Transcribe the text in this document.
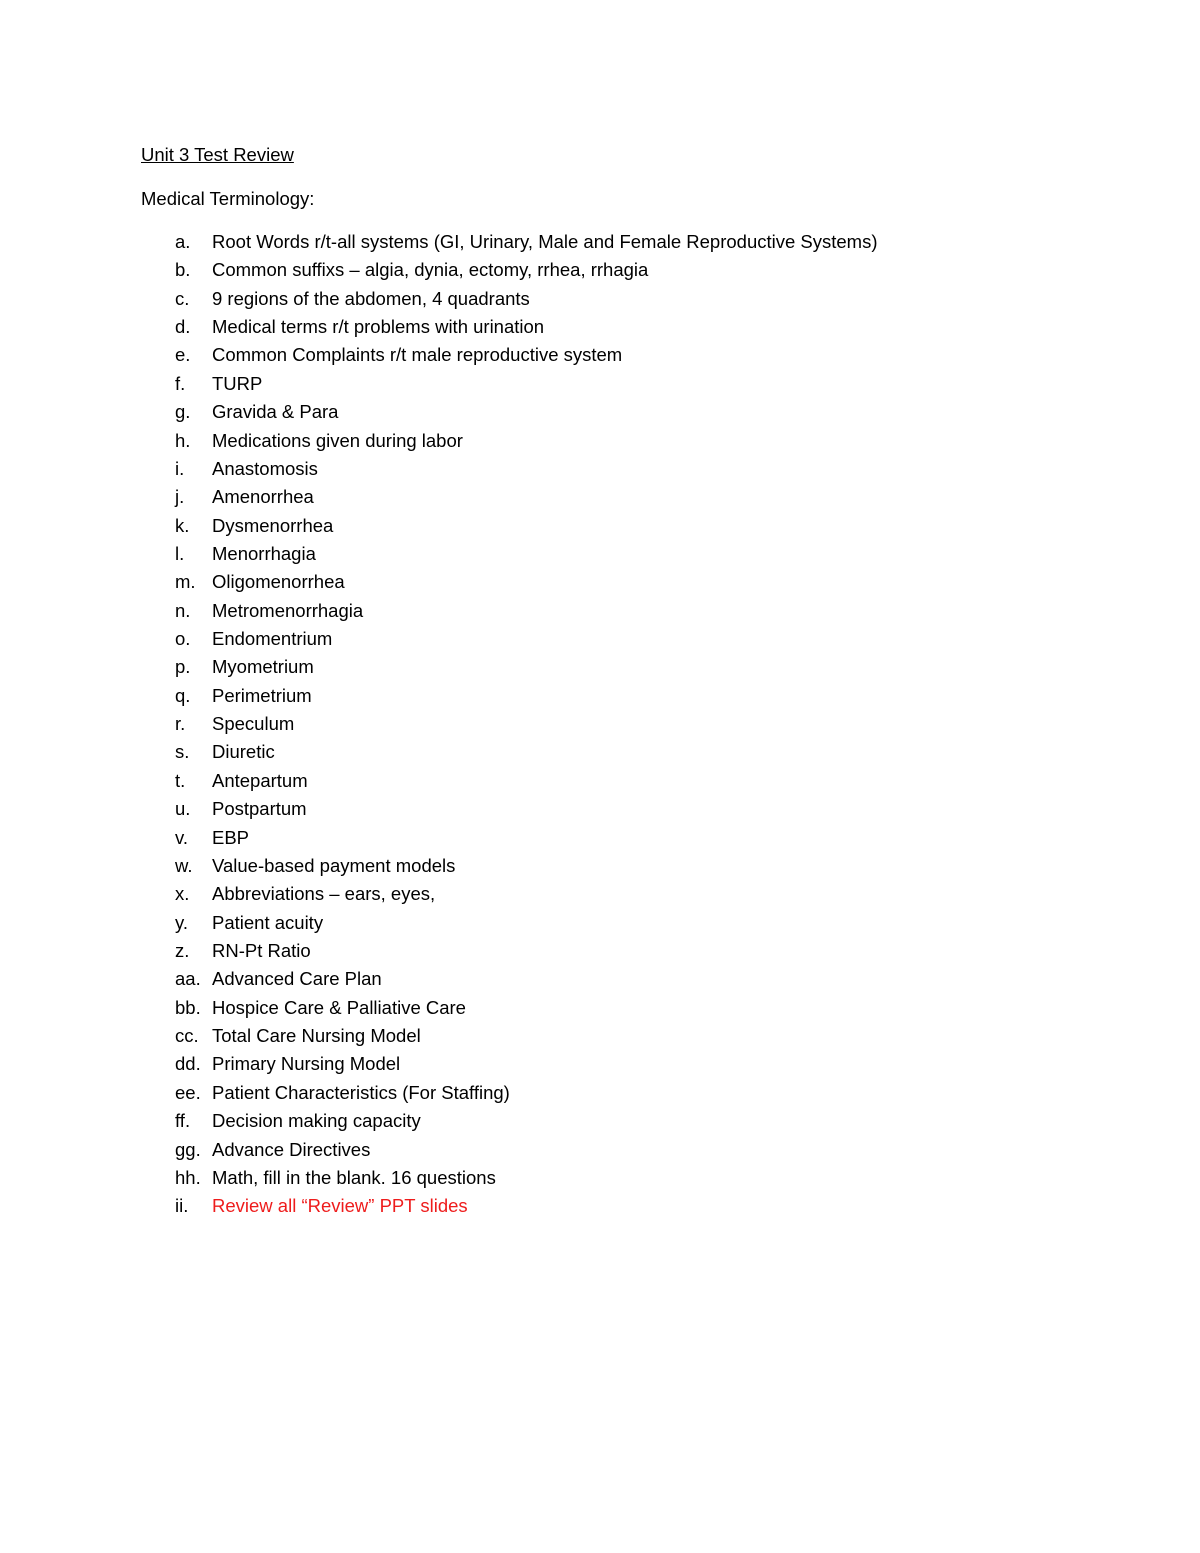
Unit 3 Test Review
Medical Terminology:
a. Root Words r/t-all systems (GI, Urinary, Male and Female Reproductive Systems)
b. Common suffixs – algia, dynia, ectomy, rrhea, rrhagia
c. 9 regions of the abdomen, 4 quadrants
d. Medical terms r/t problems with urination
e. Common Complaints r/t male reproductive system
f. TURP
g. Gravida & Para
h. Medications given during labor
i. Anastomosis
j. Amenorrhea
k. Dysmenorrhea
l. Menorrhagia
m. Oligomenorrhea
n. Metromenorrhagia
o. Endomentrium
p. Myometrium
q. Perimetrium
r. Speculum
s. Diuretic
t. Antepartum
u. Postpartum
v. EBP
w. Value-based payment models
x. Abbreviations – ears, eyes,
y. Patient acuity
z. RN-Pt Ratio
aa. Advanced Care Plan
bb. Hospice Care & Palliative Care
cc. Total Care Nursing Model
dd. Primary Nursing Model
ee. Patient Characteristics (For Staffing)
ff. Decision making capacity
gg. Advance Directives
hh. Math, fill in the blank. 16 questions
ii. Review all “Review” PPT slides
